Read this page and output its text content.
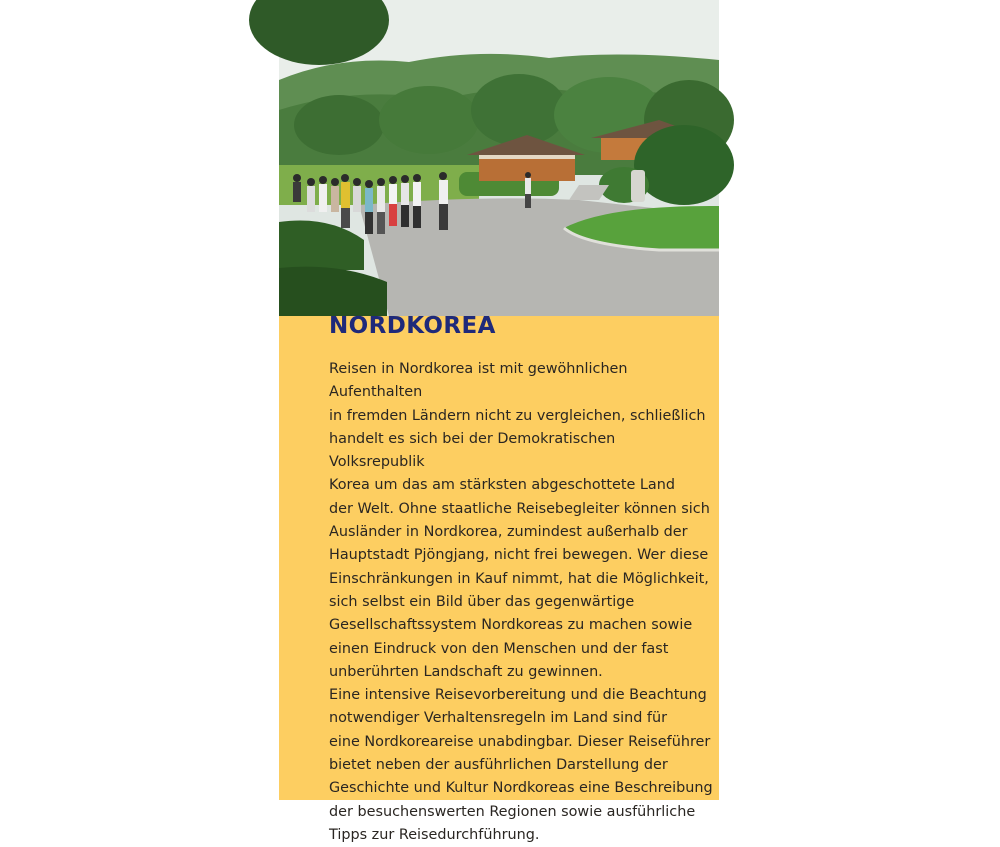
NORDKOREA

Reisen in Nordkorea ist mit gewöhnlichen Aufenthalten
in fremden Ländern nicht zu vergleichen, schließlich
handelt es sich bei der Demokratischen Volksrepublik
Korea um das am stärksten abgeschottete Land
der Welt. Ohne staatliche Reisebegleiter können sich
Ausländer in Nordkorea, zumindest außerhalb der
Hauptstadt Pjöngjang, nicht frei bewegen. Wer diese
Einschränkungen in Kauf nimmt, hat die Möglichkeit,
sich selbst ein Bild über das gegenwärtige
Gesellschaftssystem Nordkoreas zu machen sowie
einen Eindruck von den Menschen und der fast
unberührten Landschaft zu gewinnen.

Eine intensive Reisevorbereitung und die Beachtung
notwendiger Verhaltensregeln im Land sind für
eine Nordkoreareise unabdingbar. Dieser Reiseführer
bietet neben der ausführlichen Darstellung der
Geschichte und Kultur Nordkoreas eine Beschreibung
der besuchenswerten Regionen sowie ausführliche
Tipps zur Reisedurchführung.
